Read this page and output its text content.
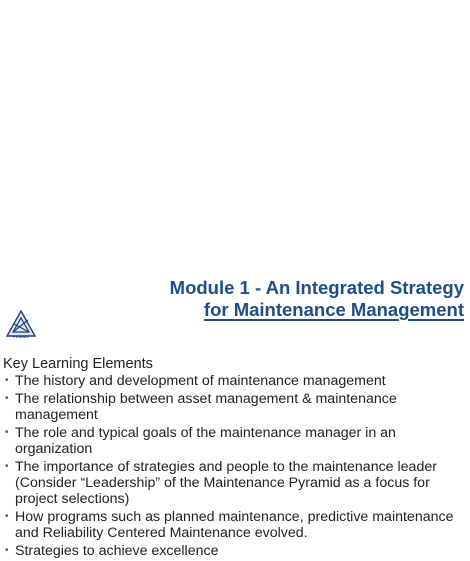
PEMAC
Module 1 - An Integrated Strategy
for Maintenance Management
Key Learning Elements
• The history and development of maintenance management
• The relationship between asset management & maintenance management
• The role and typical goals of the maintenance manager in an organization
• The importance of strategies and people to the maintenance leader (Consider “Leadership” of the Maintenance Pyramid as a focus for project selections)
• How programs such as planned maintenance, predictive maintenance and Reliability Centered Maintenance evolved.
• Strategies to achieve excellence
